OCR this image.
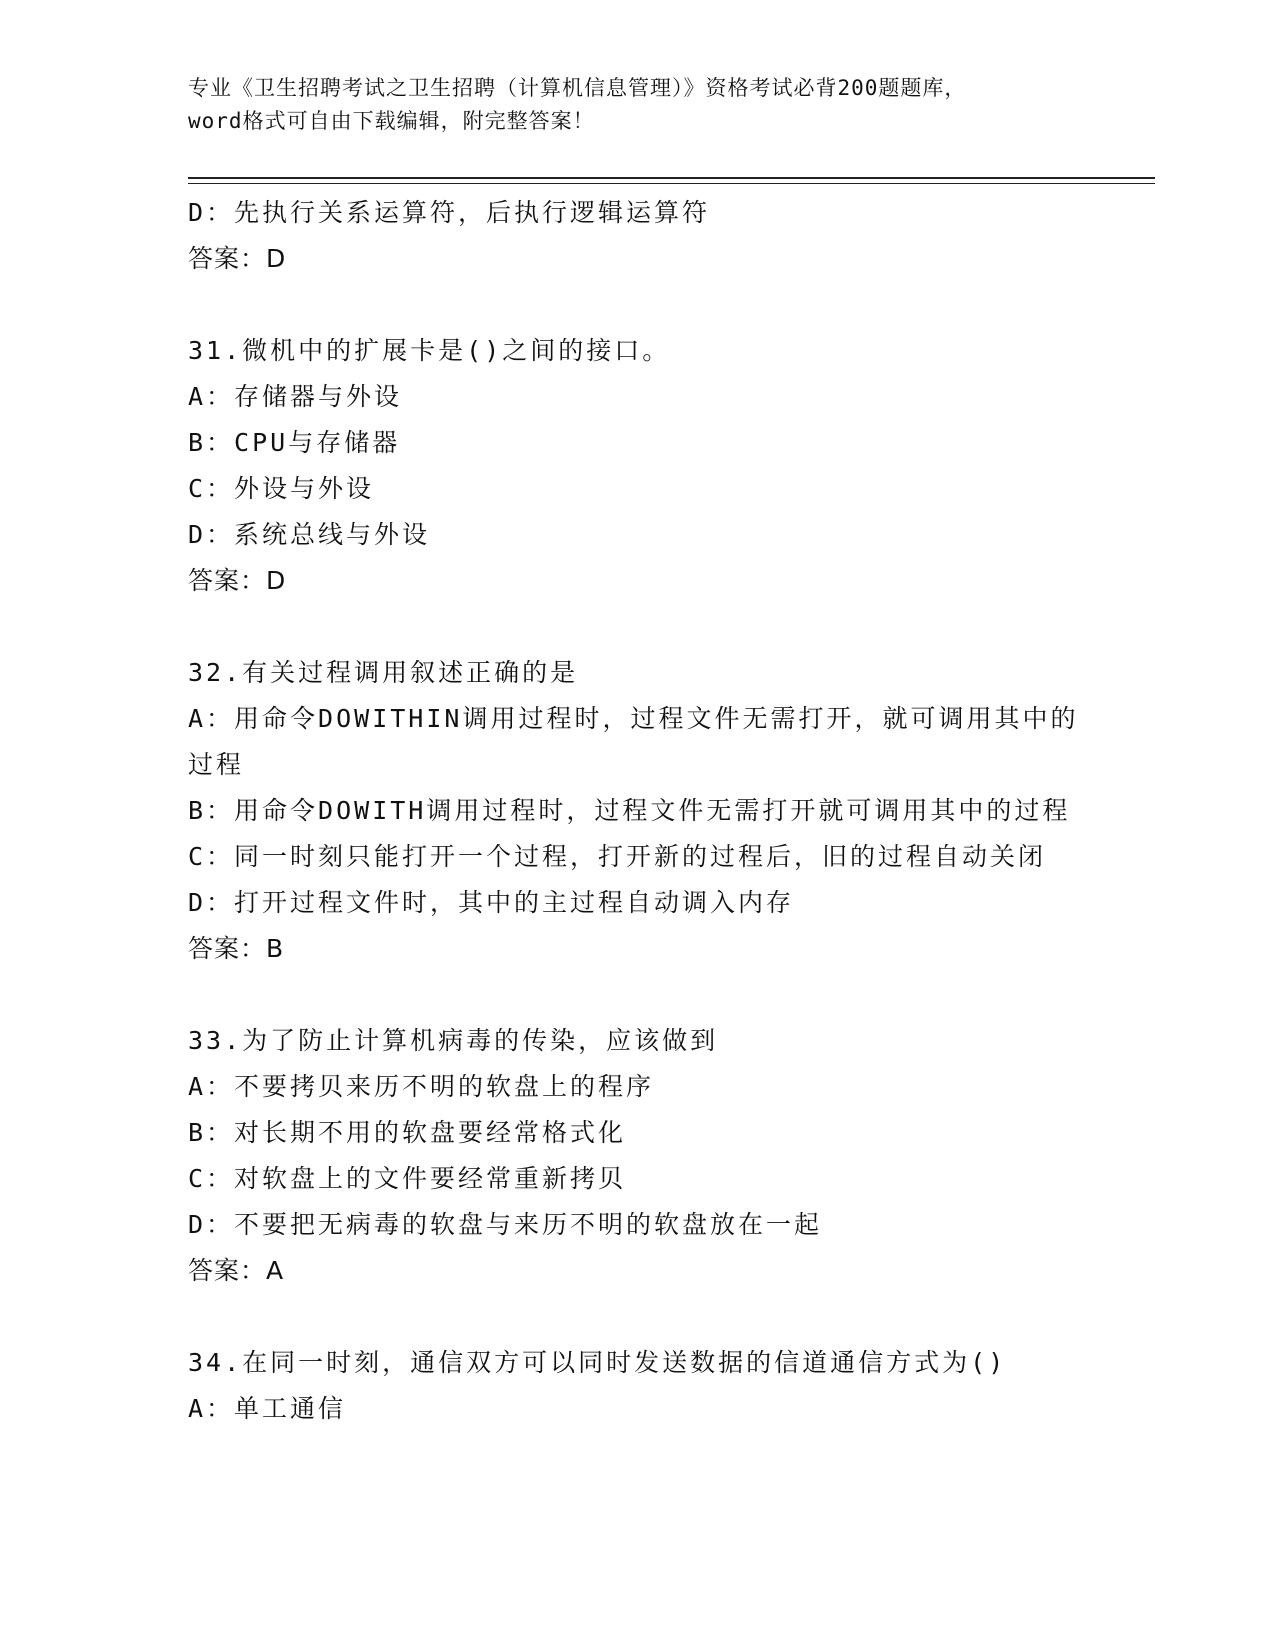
专业《卫生招聘考试之卫生招聘（计算机信息管理）》资格考试必背200题题库，
word格式可自由下载编辑，附完整答案！
D：先执行关系运算符，后执行逻辑运算符
答案：D
31.微机中的扩展卡是()之间的接口。
A：存储器与外设
B：CPU与存储器
C：外设与外设
D：系统总线与外设
答案：D
32.有关过程调用叙述正确的是
A：用命令DOWITHIN调用过程时，过程文件无需打开，就可调用其中的过程
B：用命令DOWITH调用过程时，过程文件无需打开就可调用其中的过程
C：同一时刻只能打开一个过程，打开新的过程后，旧的过程自动关闭
D：打开过程文件时，其中的主过程自动调入内存
答案：B
33.为了防止计算机病毒的传染，应该做到
A：不要拷贝来历不明的软盘上的程序
B：对长期不用的软盘要经常格式化
C：对软盘上的文件要经常重新拷贝
D：不要把无病毒的软盘与来历不明的软盘放在一起
答案：A
34.在同一时刻，通信双方可以同时发送数据的信道通信方式为()
A：单工通信
